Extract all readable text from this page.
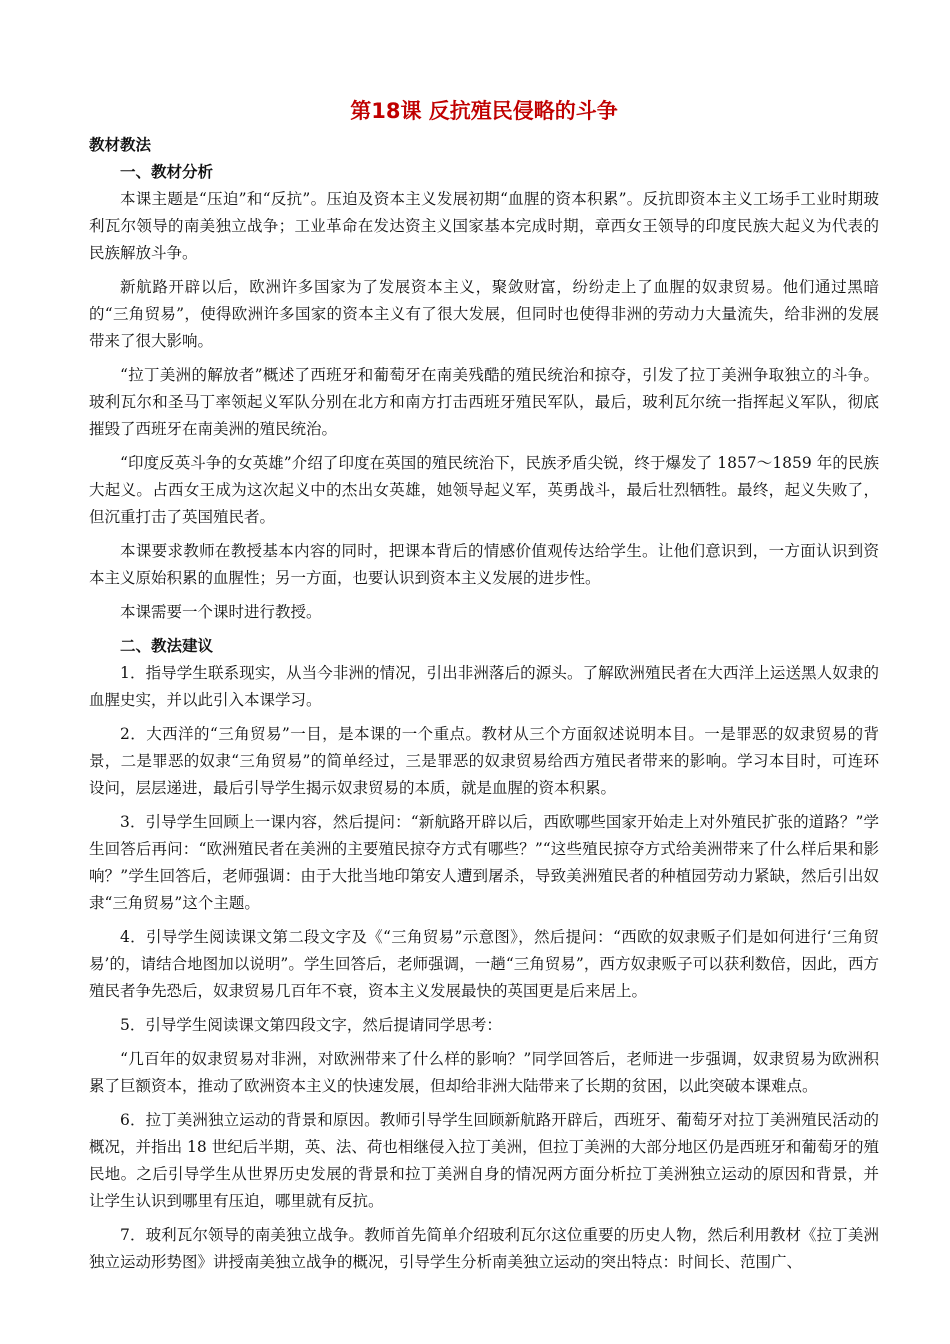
第18课 反抗殖民侵略的斗争
教材教法
一、教材分析

本课主题是“压迫”和“反抗”。压迫及资本主义发展初期“血腥的资本积累”。反抗即资本主义工场手工业时期玻利瓦尔领导的南美独立战争；工业革命在发达资主义国家基本完成时期，章西女王领导的印度民族大起义为代表的民族解放斗争。

新航路开辟以后，欧洲许多国家为了发展资本主义，聚敛财富，纷纷走上了血腥的奴隶贸易。他们通过黑暗的“三角贸易”，使得欧洲许多国家的资本主义有了很大发展，但同时也使得非洲的劳动力大量流失，给非洲的发展带来了很大影响。

“拉丁美洲的解放者”概述了西班牙和葡萄牙在南美残酷的殖民统治和掠夺，引发了拉丁美洲争取独立的斗争。玻利瓦尔和圣马丁率领起义军队分别在北方和南方打击西班牙殖民军队，最后，玻利瓦尔统一指挥起义军队，彻底摧毁了西班牙在南美洲的殖民统治。

“印度反英斗争的女英雄”介绍了印度在英国的殖民统治下，民族矛盾尖锐，终于爆发了 1857～1859 年的民族大起义。占西女王成为这次起义中的杰出女英雄，她领导起义军，英勇战斗，最后壮烈牺牲。最终，起义失败了，但沉重打击了英国殖民者。

本课要求教师在教授基本内容的同时，把课本背后的情感价值观传达给学生。让他们意识到，一方面认识到资本主义原始积累的血腥性；另一方面，也要认识到资本主义发展的进步性。

本课需要一个课时进行教授。

二、教法建议

1．指导学生联系现实，从当今非洲的情况，引出非洲落后的源头。了解欧洲殖民者在大西洋上运送黑人奴隶的血腥史实，并以此引入本课学习。

2．大西洋的“三角贸易”一目，是本课的一个重点。教材从三个方面叙述说明本目。一是罪恶的奴隶贸易的背景，二是罪恶的奴隶“三角贸易”的简单经过，三是罪恶的奴隶贸易给西方殖民者带来的影响。学习本目时，可连环设问，层层递进，最后引导学生揭示奴隶贸易的本质，就是血腥的资本积累。

3．引导学生回顾上一课内容，然后提问：“新航路开辟以后，西欧哪些国家开始走上对外殖民扩张的道路？”学生回答后再问：“欧洲殖民者在美洲的主要殖民掠夺方式有哪些？”“这些殖民掠夺方式给美洲带来了什么样后果和影响？”学生回答后，老师强调：由于大批当地印第安人遭到屠杀，导致美洲殖民者的种植园劳动力紧缺，然后引出奴隶“三角贸易”这个主题。

4．引导学生阅读课文第二段文字及《“三角贸易”示意图》，然后提问：“西欧的奴隶贩子们是如何进行‘三角贸易’的，请结合地图加以说明”。学生回答后，老师强调，一趟“三角贸易”，西方奴隶贩子可以获利数倍，因此，西方殖民者争先恐后，奴隶贸易几百年不衰，资本主义发展最快的英国更是后来居上。

5．引导学生阅读课文第四段文字，然后提请同学思考：

“几百年的奴隶贸易对非洲，对欧洲带来了什么样的影响？”同学回答后，老师进一步强调，奴隶贸易为欧洲积累了巨额资本，推动了欧洲资本主义的快速发展，但却给非洲大陆带来了长期的贫困，以此突破本课难点。

6．拉丁美洲独立运动的背景和原因。教师引导学生回顾新航路开辟后，西班牙、葡萄牙对拉丁美洲殖民活动的概况，并指出 18 世纪后半期，英、法、荷也相继侵入拉丁美洲，但拉丁美洲的大部分地区仍是西班牙和葡萄牙的殖民地。之后引导学生从世界历史发展的背景和拉丁美洲自身的情况两方面分析拉丁美洲独立运动的原因和背景，并让学生认识到哪里有压迫，哪里就有反抗。

7．玻利瓦尔领导的南美独立战争。教师首先简单介绍玻利瓦尔这位重要的历史人物，然后利用教材《拉丁美洲独立运动形势图》讲授南美独立战争的概况，引导学生分析南美独立运动的突出特点：时间长、范围广、
